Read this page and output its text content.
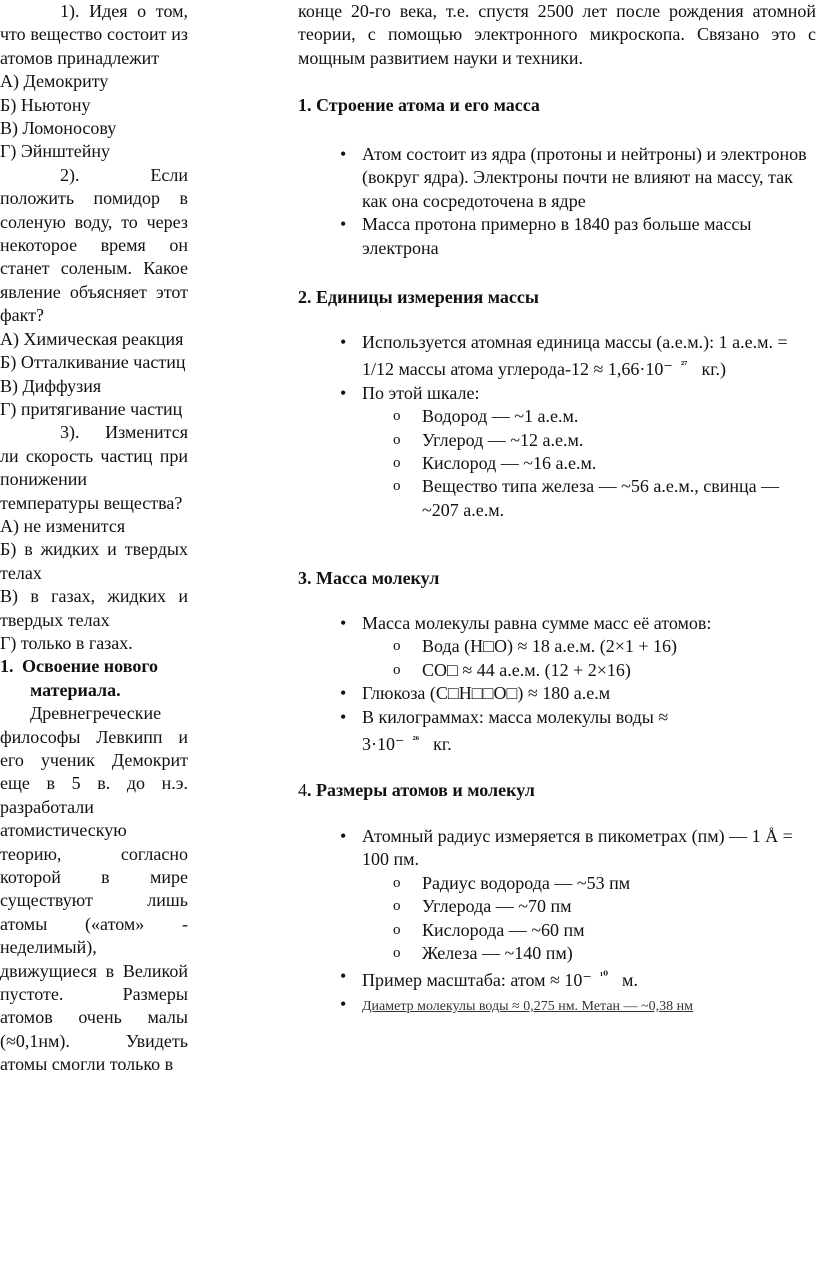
1). Идея о том, что вещество состоит из атомов принадлежит

А) Демокриту

Б) Ньютону

В) Ломоносову

Г) Эйнштейну

2). Если положить помидор в соленую воду, то через некоторое время он станет соленым. Какое явление объясняет этот факт?

А) Химическая реакция

Б) Отталкивание частиц

В) Диффузия

Г) притягивание частиц

3). Изменится ли скорость частиц при понижении температуры вещества?

А) не изменится

Б) в жидких и твердых телах

В) в газах, жидких и твердых телах

Г) только в газах.

1. Освоение нового

материала.

Древнегреческие философы Левкипп и его ученик Демокрит еще в 5 в. до н.э. разработали атомистическую теорию, согласно которой в мире существуют лишь атомы («атом» - неделимый), движущиеся в Великой пустоте. Размеры атомов очень малы (≈0,1нм). Увидеть атомы смогли только в

конце 20-го века, т.е. спустя 2500 лет после рождения атомной теории, с помощью электронного микроскопа. Связано это с мощным развитием науки и техники.

1. Строение атома и его масса
• Атом состоит из ядра (протоны и нейтроны) и электронов (вокруг ядра). Электроны почти не влияют на массу, так как она сосредоточена в ядре
• Масса протона примерно в 1840 раз больше массы электрона
2. Единицы измерения массы
• Используется атомная единица массы (а.е.м.): 1 а.е.м. = 1/12 массы атома углерода-12 ≈ 1,66·10⁻ $^{^{27}}$ кг.)
• По этой шкале:
o Водород — ~1 а.е.м.
o Углерод — ~12 а.е.м.
o Кислород — ~16 а.е.м.
o Вещество типа железа — ~56 а.е.м., свинца — ~207 а.е.м.
3. Масса молекул
• Масса молекулы равна сумме масс её атомов:
o Вода (H□O) ≈ 18 а.е.м. (2×1 + 16)
o CO□ ≈ 44 а.е.м. (12 + 2×16)
• Глюкоза (C□H□□O□) ≈ 180 а.е.м
• В килограммах: масса молекулы воды ≈ 3·10⁻ $^{^{26}}$ кг.
4. Размеры атомов и молекул
• Атомный радиус измеряется в пикометрах (пм) — 1 Å = 100 пм.
o Радиус водорода — ~53 пм
o Углерода — ~70 пм
o Кислорода — ~60 пм
o Железа — ~140 пм)
• Пример масштаба: атом ≈ 10⁻ $^{^{10}}$ м.
• Диаметр молекулы воды ≈ 0,275 нм. Метан — ~0,38 нм
